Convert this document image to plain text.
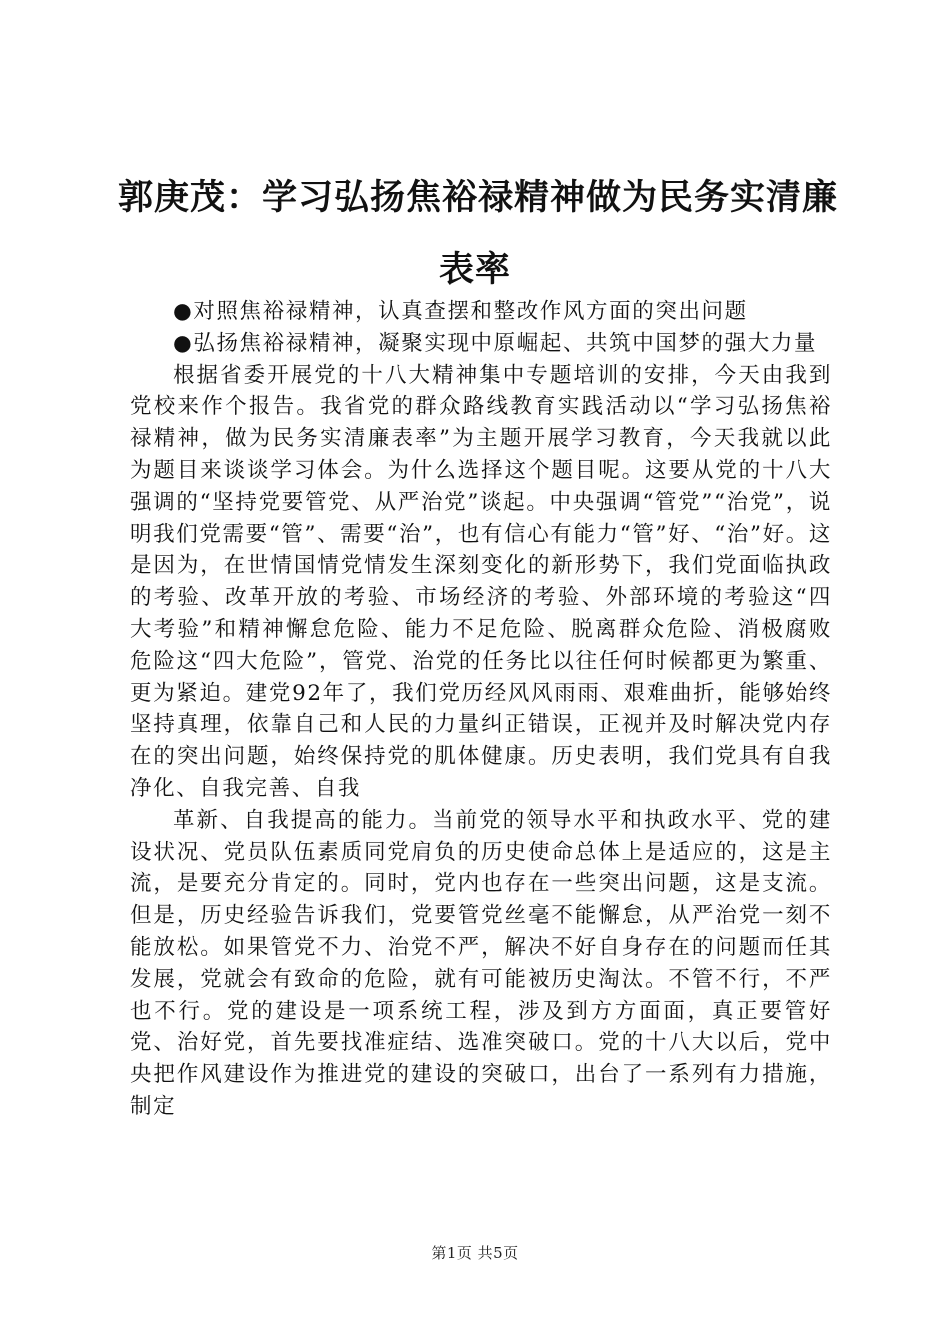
郭庚茂：学习弘扬焦裕禄精神做为民务实清廉
表率

●对照焦裕禄精神，认真查摆和整改作风方面的突出问题

●弘扬焦裕禄精神，凝聚实现中原崛起、共筑中国梦的强大力量

根据省委开展党的十八大精神集中专题培训的安排，今天由我到党校来作个报告。我省党的群众路线教育实践活动以“学习弘扬焦裕禄精神，做为民务实清廉表率”为主题开展学习教育，今天我就以此为题目来谈谈学习体会。为什么选择这个题目呢。这要从党的十八大强调的“坚持党要管党、从严治党”谈起。中央强调“管党”“治党”，说明我们党需要“管”、需要“治”，也有信心有能力“管”好、“治”好。这是因为，在世情国情党情发生深刻变化的新形势下，我们党面临执政的考验、改革开放的考验、市场经济的考验、外部环境的考验这“四大考验”和精神懈怠危险、能力不足危险、脱离群众危险、消极腐败危险这“四大危险”，管党、治党的任务比以往任何时候都更为繁重、更为紧迫。建党92年了，我们党历经风风雨雨、艰难曲折，能够始终坚持真理，依靠自己和人民的力量纠正错误，正视并及时解决党内存在的突出问题，始终保持党的肌体健康。历史表明，我们党具有自我净化、自我完善、自我

革新、自我提高的能力。当前党的领导水平和执政水平、党的建设状况、党员队伍素质同党肩负的历史使命总体上是适应的，这是主流，是要充分肯定的。同时，党内也存在一些突出问题，这是支流。但是，历史经验告诉我们，党要管党丝毫不能懈怠，从严治党一刻不能放松。如果管党不力、治党不严，解决不好自身存在的问题而任其发展，党就会有致命的危险，就有可能被历史淘汰。不管不行，不严也不行。党的建设是一项系统工程，涉及到方方面面，真正要管好党、治好党，首先要找准症结、选准突破口。党的十八大以后，党中央把作风建设作为推进党的建设的突破口，出台了一系列有力措施，制定

第1页 共5页
